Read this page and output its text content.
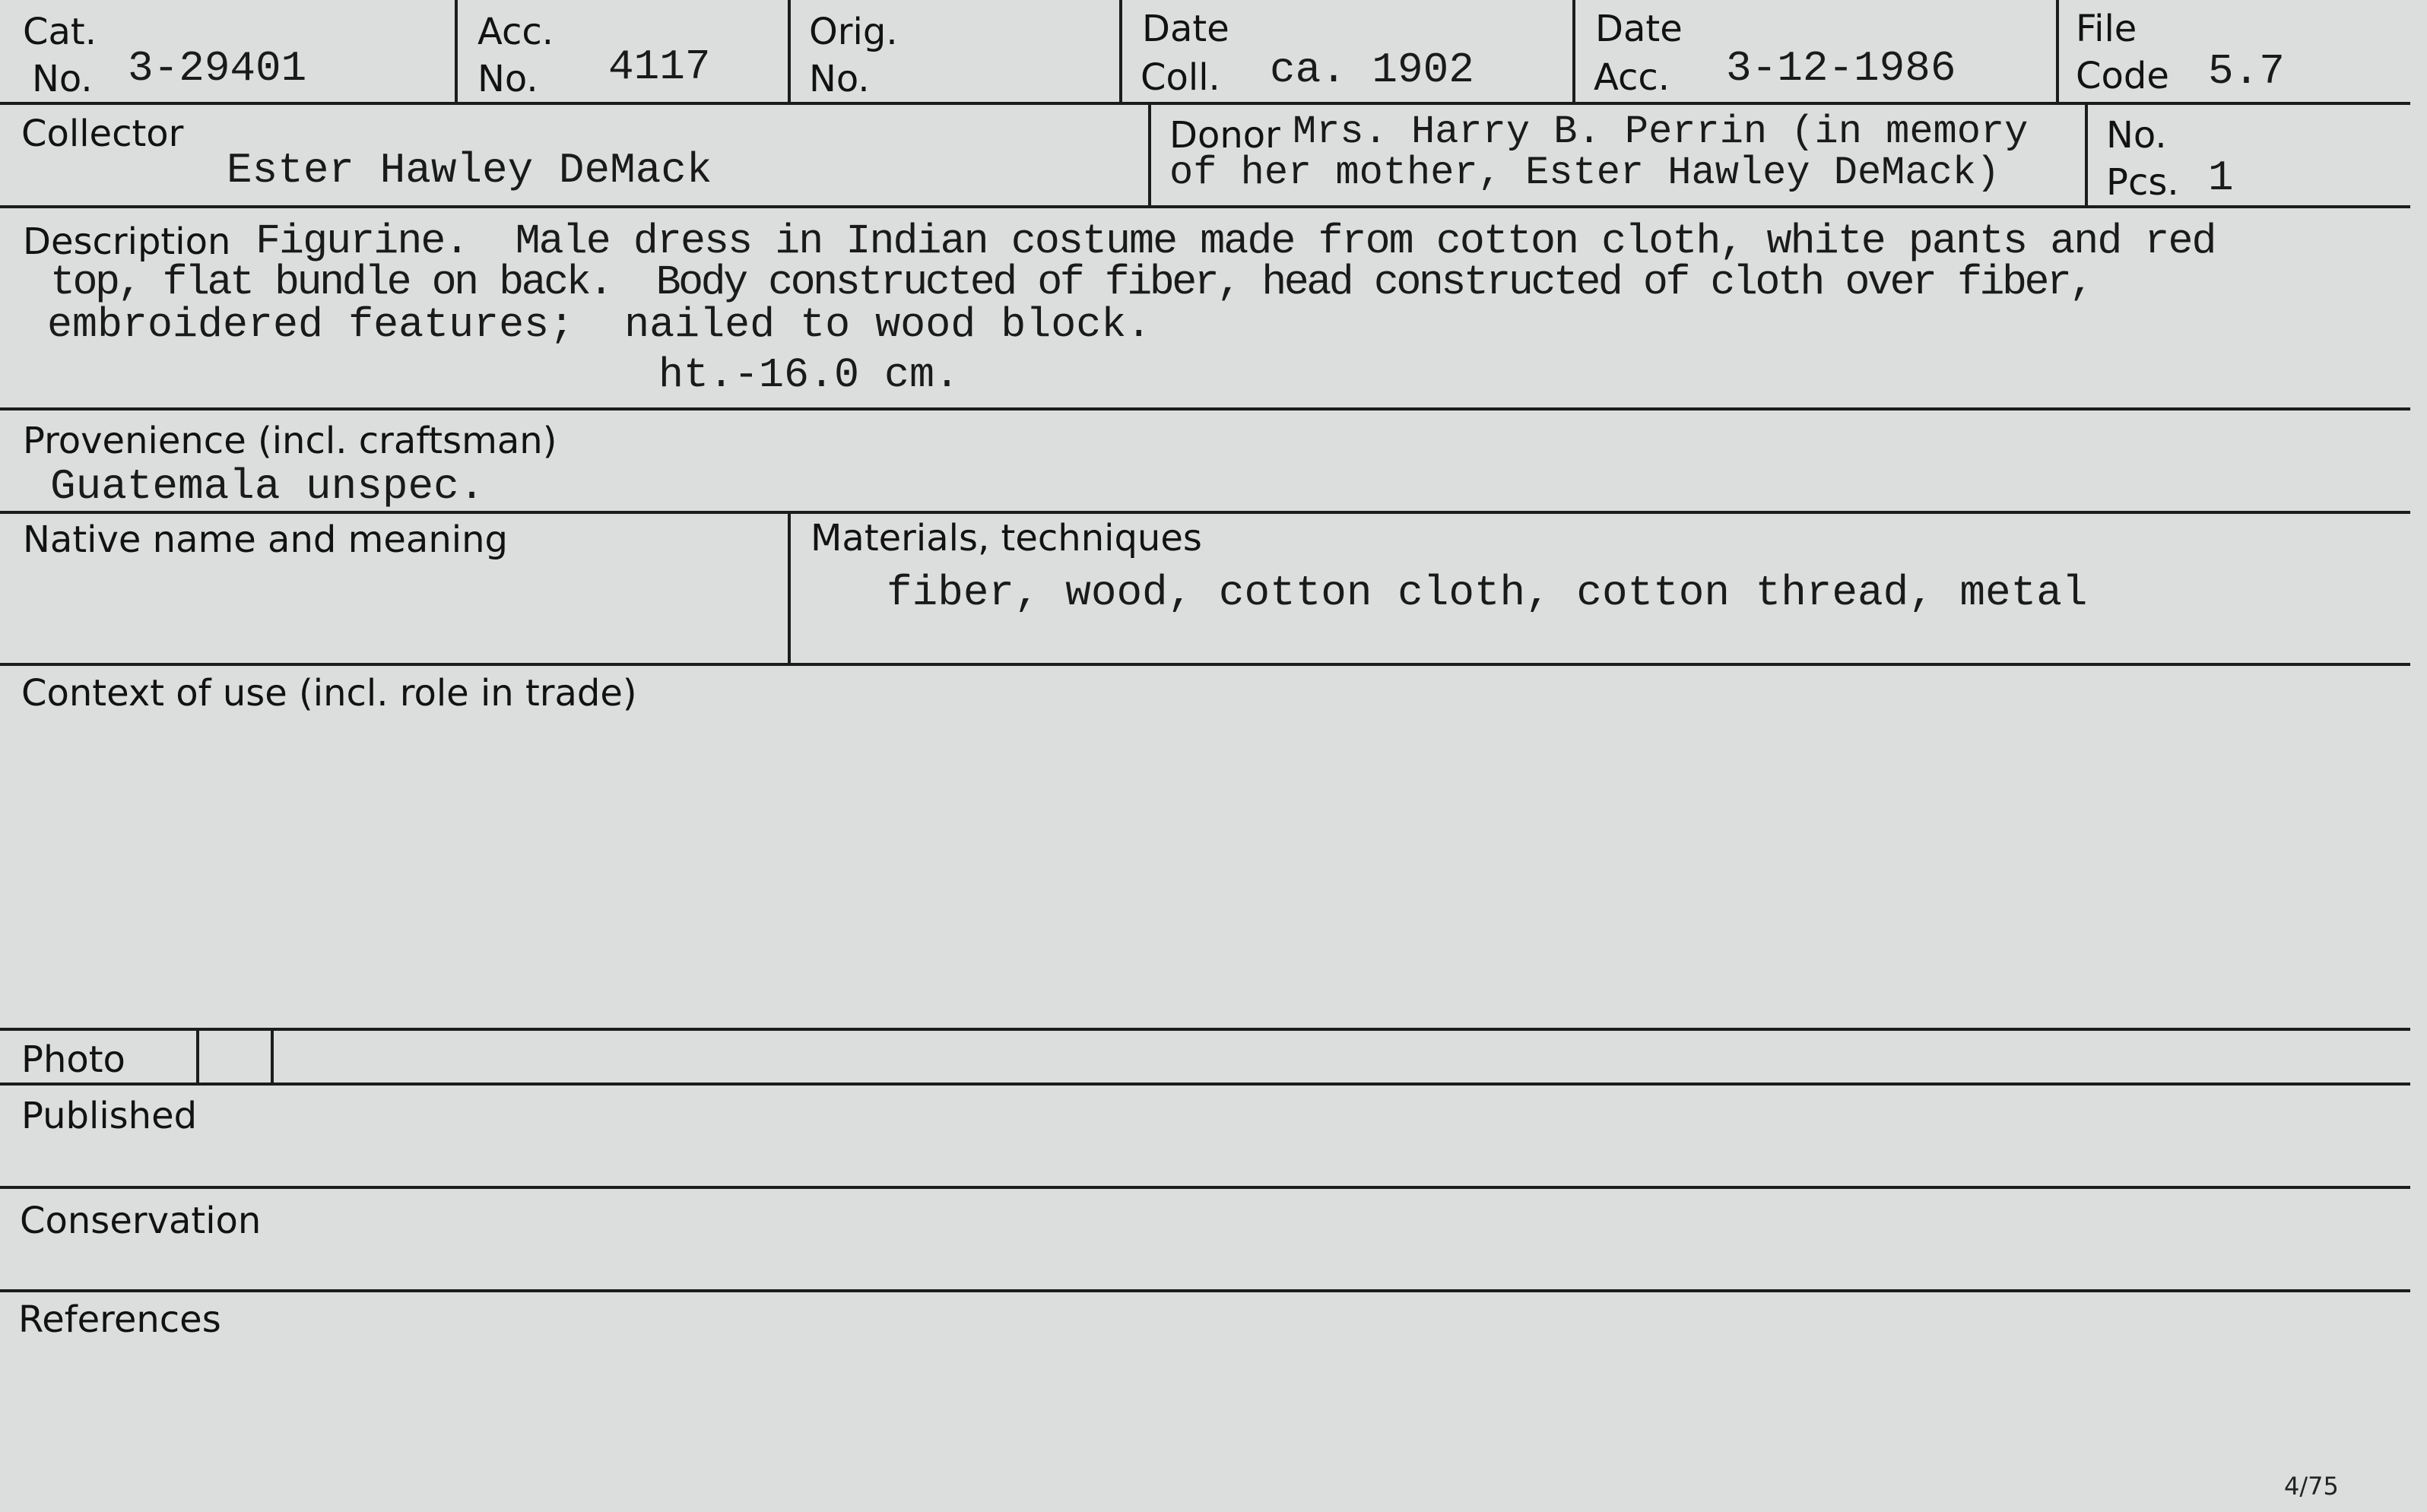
Cat.
No. 3-29401
Acc.
No. 4117
Orig.
No.
Date
Coll. ca. 1902
Date
Acc. 3-12-1986
File
Code 5.7
Collector
Ester Hawley DeMack
Donor Mrs. Harry B. Perrin (in memory
of her mother, Ester Hawley DeMack)
No.
Pcs. 1
Description Figurine.  Male dress in Indian costume made from cotton cloth, white pants and red
top, flat bundle on back.  Body constructed of fiber, head constructed of cloth over fiber,
embroidered features;  nailed to wood block.
ht.-16.0 cm.
Provenience (incl. craftsman)
Guatemala unspec.
Native name and meaning	Materials, techniques
fiber, wood, cotton cloth, cotton thread, metal
Context of use (incl. role in trade)
Photo
Published
Conservation
References
4/75
